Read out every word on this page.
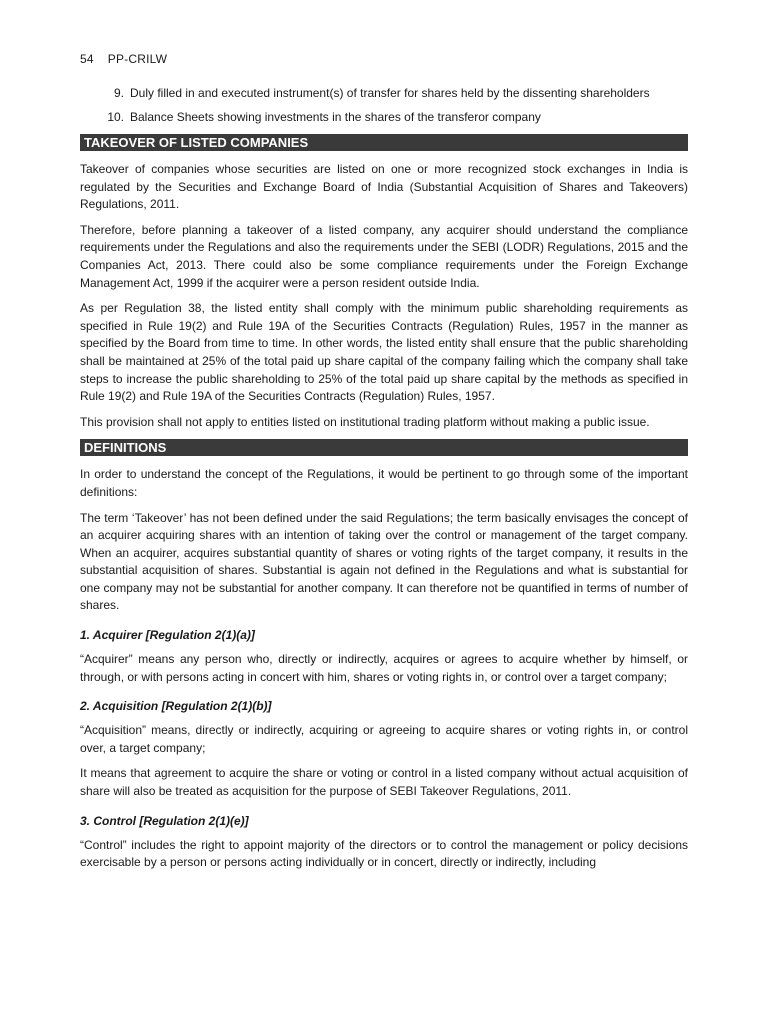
54 PP-CRILW
9. Duly filled in and executed instrument(s) of transfer for shares held by the dissenting shareholders
10. Balance Sheets showing investments in the shares of the transferor company
TAKEOVER OF LISTED COMPANIES

Takeover of companies whose securities are listed on one or more recognized stock exchanges in India is regulated by the Securities and Exchange Board of India (Substantial Acquisition of Shares and Takeovers) Regulations, 2011.

Therefore, before planning a takeover of a listed company, any acquirer should understand the compliance requirements under the Regulations and also the requirements under the SEBI (LODR) Regulations, 2015 and the Companies Act, 2013. There could also be some compliance requirements under the Foreign Exchange Management Act, 1999 if the acquirer were a person resident outside India.

As per Regulation 38, the listed entity shall comply with the minimum public shareholding requirements as specified in Rule 19(2) and Rule 19A of the Securities Contracts (Regulation) Rules, 1957 in the manner as specified by the Board from time to time. In other words, the listed entity shall ensure that the public shareholding shall be maintained at 25% of the total paid up share capital of the company failing which the company shall take steps to increase the public shareholding to 25% of the total paid up share capital by the methods as specified in Rule 19(2) and Rule 19A of the Securities Contracts (Regulation) Rules, 1957.

This provision shall not apply to entities listed on institutional trading platform without making a public issue.

DEFINITIONS

In order to understand the concept of the Regulations, it would be pertinent to go through some of the important definitions:

The term ‘Takeover’ has not been defined under the said Regulations; the term basically envisages the concept of an acquirer acquiring shares with an intention of taking over the control or management of the target company. When an acquirer, acquires substantial quantity of shares or voting rights of the target company, it results in the substantial acquisition of shares. Substantial is again not defined in the Regulations and what is substantial for one company may not be substantial for another company. It can therefore not be quantified in terms of number of shares.

1. Acquirer [Regulation 2(1)(a)]

“Acquirer” means any person who, directly or indirectly, acquires or agrees to acquire whether by himself, or through, or with persons acting in concert with him, shares or voting rights in, or control over a target company;

2. Acquisition [Regulation 2(1)(b)]

“Acquisition” means, directly or indirectly, acquiring or agreeing to acquire shares or voting rights in, or control over, a target company;

It means that agreement to acquire the share or voting or control in a listed company without actual acquisition of share will also be treated as acquisition for the purpose of SEBI Takeover Regulations, 2011.

3. Control [Regulation 2(1)(e)]

“Control” includes the right to appoint majority of the directors or to control the management or policy decisions exercisable by a person or persons acting individually or in concert, directly or indirectly, including
